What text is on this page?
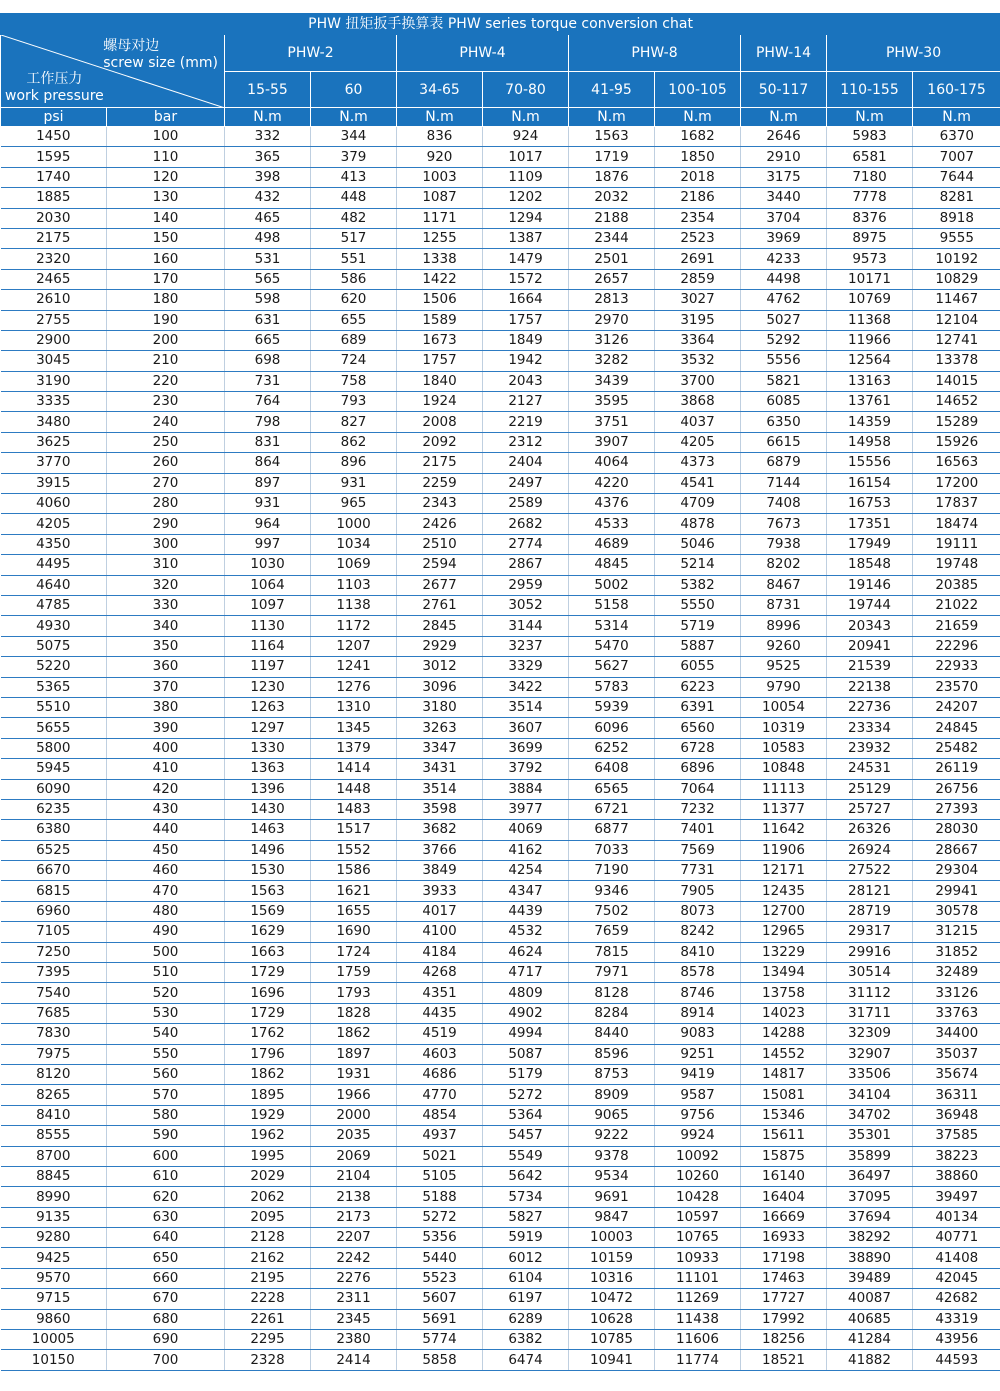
PHW 扭矩扳手换算表 PHW series torque conversion chat										

螺母对边
screw size (mm)
工作压力
work pressure		PHW-2		PHW-4		PHW-8		PHW-14	PHW-30	
		15-55	60	34-65	70-80	41-95	100-105	50-117	110-155	160-175
psi	bar	N.m	N.m	N.m	N.m	N.m	N.m	N.m	N.m	N.m
1450	100	332	344	836	924	1563	1682	2646	5983	6370
1595	110	365	379	920	1017	1719	1850	2910	6581	7007
1740	120	398	413	1003	1109	1876	2018	3175	7180	7644
1885	130	432	448	1087	1202	2032	2186	3440	7778	8281
2030	140	465	482	1171	1294	2188	2354	3704	8376	8918
2175	150	498	517	1255	1387	2344	2523	3969	8975	9555
2320	160	531	551	1338	1479	2501	2691	4233	9573	10192
2465	170	565	586	1422	1572	2657	2859	4498	10171	10829
2610	180	598	620	1506	1664	2813	3027	4762	10769	11467
2755	190	631	655	1589	1757	2970	3195	5027	11368	12104
2900	200	665	689	1673	1849	3126	3364	5292	11966	12741
3045	210	698	724	1757	1942	3282	3532	5556	12564	13378
3190	220	731	758	1840	2043	3439	3700	5821	13163	14015
3335	230	764	793	1924	2127	3595	3868	6085	13761	14652
3480	240	798	827	2008	2219	3751	4037	6350	14359	15289
3625	250	831	862	2092	2312	3907	4205	6615	14958	15926
3770	260	864	896	2175	2404	4064	4373	6879	15556	16563
3915	270	897	931	2259	2497	4220	4541	7144	16154	17200
4060	280	931	965	2343	2589	4376	4709	7408	16753	17837
4205	290	964	1000	2426	2682	4533	4878	7673	17351	18474
4350	300	997	1034	2510	2774	4689	5046	7938	17949	19111
4495	310	1030	1069	2594	2867	4845	5214	8202	18548	19748
4640	320	1064	1103	2677	2959	5002	5382	8467	19146	20385
4785	330	1097	1138	2761	3052	5158	5550	8731	19744	21022
4930	340	1130	1172	2845	3144	5314	5719	8996	20343	21659
5075	350	1164	1207	2929	3237	5470	5887	9260	20941	22296
5220	360	1197	1241	3012	3329	5627	6055	9525	21539	22933
5365	370	1230	1276	3096	3422	5783	6223	9790	22138	23570
5510	380	1263	1310	3180	3514	5939	6391	10054	22736	24207
5655	390	1297	1345	3263	3607	6096	6560	10319	23334	24845
5800	400	1330	1379	3347	3699	6252	6728	10583	23932	25482
5945	410	1363	1414	3431	3792	6408	6896	10848	24531	26119
6090	420	1396	1448	3514	3884	6565	7064	11113	25129	26756
6235	430	1430	1483	3598	3977	6721	7232	11377	25727	27393
6380	440	1463	1517	3682	4069	6877	7401	11642	26326	28030
6525	450	1496	1552	3766	4162	7033	7569	11906	26924	28667
6670	460	1530	1586	3849	4254	7190	7731	12171	27522	29304
6815	470	1563	1621	3933	4347	9346	7905	12435	28121	29941
6960	480	1569	1655	4017	4439	7502	8073	12700	28719	30578
7105	490	1629	1690	4100	4532	7659	8242	12965	29317	31215
7250	500	1663	1724	4184	4624	7815	8410	13229	29916	31852
7395	510	1729	1759	4268	4717	7971	8578	13494	30514	32489
7540	520	1696	1793	4351	4809	8128	8746	13758	31112	33126
7685	530	1729	1828	4435	4902	8284	8914	14023	31711	33763
7830	540	1762	1862	4519	4994	8440	9083	14288	32309	34400
7975	550	1796	1897	4603	5087	8596	9251	14552	32907	35037
8120	560	1862	1931	4686	5179	8753	9419	14817	33506	35674
8265	570	1895	1966	4770	5272	8909	9587	15081	34104	36311
8410	580	1929	2000	4854	5364	9065	9756	15346	34702	36948
8555	590	1962	2035	4937	5457	9222	9924	15611	35301	37585
8700	600	1995	2069	5021	5549	9378	10092	15875	35899	38223
8845	610	2029	2104	5105	5642	9534	10260	16140	36497	38860
8990	620	2062	2138	5188	5734	9691	10428	16404	37095	39497
9135	630	2095	2173	5272	5827	9847	10597	16669	37694	40134
9280	640	2128	2207	5356	5919	10003	10765	16933	38292	40771
9425	650	2162	2242	5440	6012	10159	10933	17198	38890	41408
9570	660	2195	2276	5523	6104	10316	11101	17463	39489	42045
9715	670	2228	2311	5607	6197	10472	11269	17727	40087	42682
9860	680	2261	2345	5691	6289	10628	11438	17992	40685	43319
10005	690	2295	2380	5774	6382	10785	11606	18256	41284	43956
10150	700	2328	2414	5858	6474	10941	11774	18521	41882	44593
